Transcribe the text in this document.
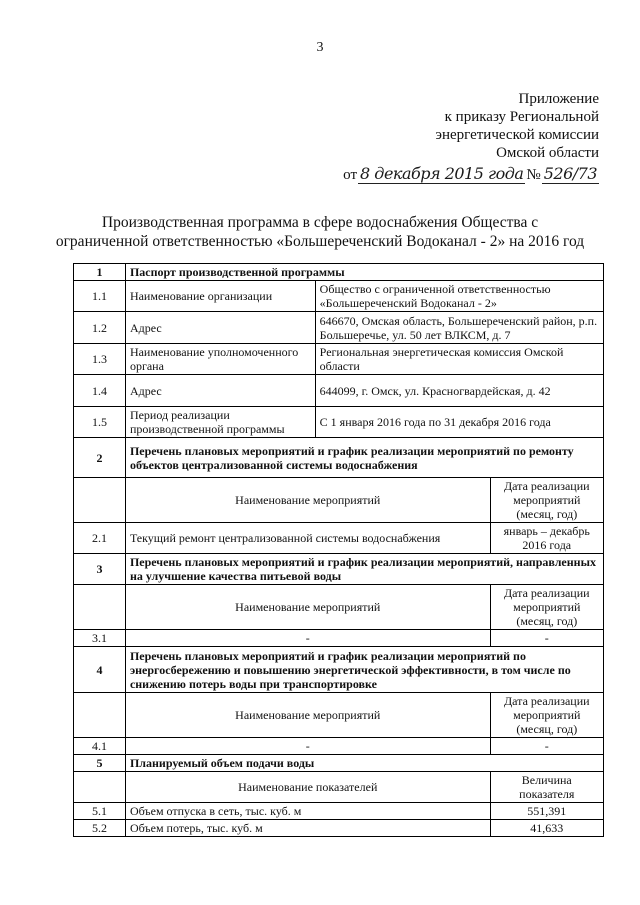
3
Приложение
к приказу Региональной
энергетической комиссии
Омской области
от 8 декабря 2015 года № 526/73
Производственная программа в сфере водоснабжения Общества с
ограниченной ответственностью «Большереченский Водоканал - 2» на 2016 год
1	Паспорт производственной программы		
1.1	Наименование организации	Общество с ограниченной ответственностью «Большереченский Водоканал - 2»	
1.2	Адрес	646670, Омская область, Большереченский район, р.п. Большеречье, ул. 50 лет ВЛКСМ, д. 7	
1.3	Наименование уполномоченного органа	Региональная энергетическая комиссия Омской области	
1.4	Адрес	644099, г. Омск, ул. Красногвардейская, д. 42	
1.5	Период реализации производственной программы	С 1 января 2016 года по 31 декабря 2016 года	
2	Перечень плановых мероприятий и график реализации мероприятий по ремонту объектов централизованной системы водоснабжения		
	Наименование мероприятий		Дата реализации мероприятий (месяц, год)
2.1	Текущий ремонт централизованной системы водоснабжения		январь – декабрь 2016 года
3	Перечень плановых мероприятий и график реализации мероприятий, направленных на улучшение качества питьевой воды		
	Наименование мероприятий		Дата реализации мероприятий (месяц, год)
3.1	-		-
4	Перечень плановых мероприятий и график реализации мероприятий по энергосбережению и повышению энергетической эффективности, в том числе по снижению потерь воды при транспортировке		
	Наименование мероприятий		Дата реализации мероприятий (месяц, год)
4.1	-		-
5	Планируемый объем подачи воды		
	Наименование показателей		Величина показателя
5.1	Объем отпуска в сеть, тыс. куб. м		551,391
5.2	Объем потерь, тыс. куб. м		41,633
